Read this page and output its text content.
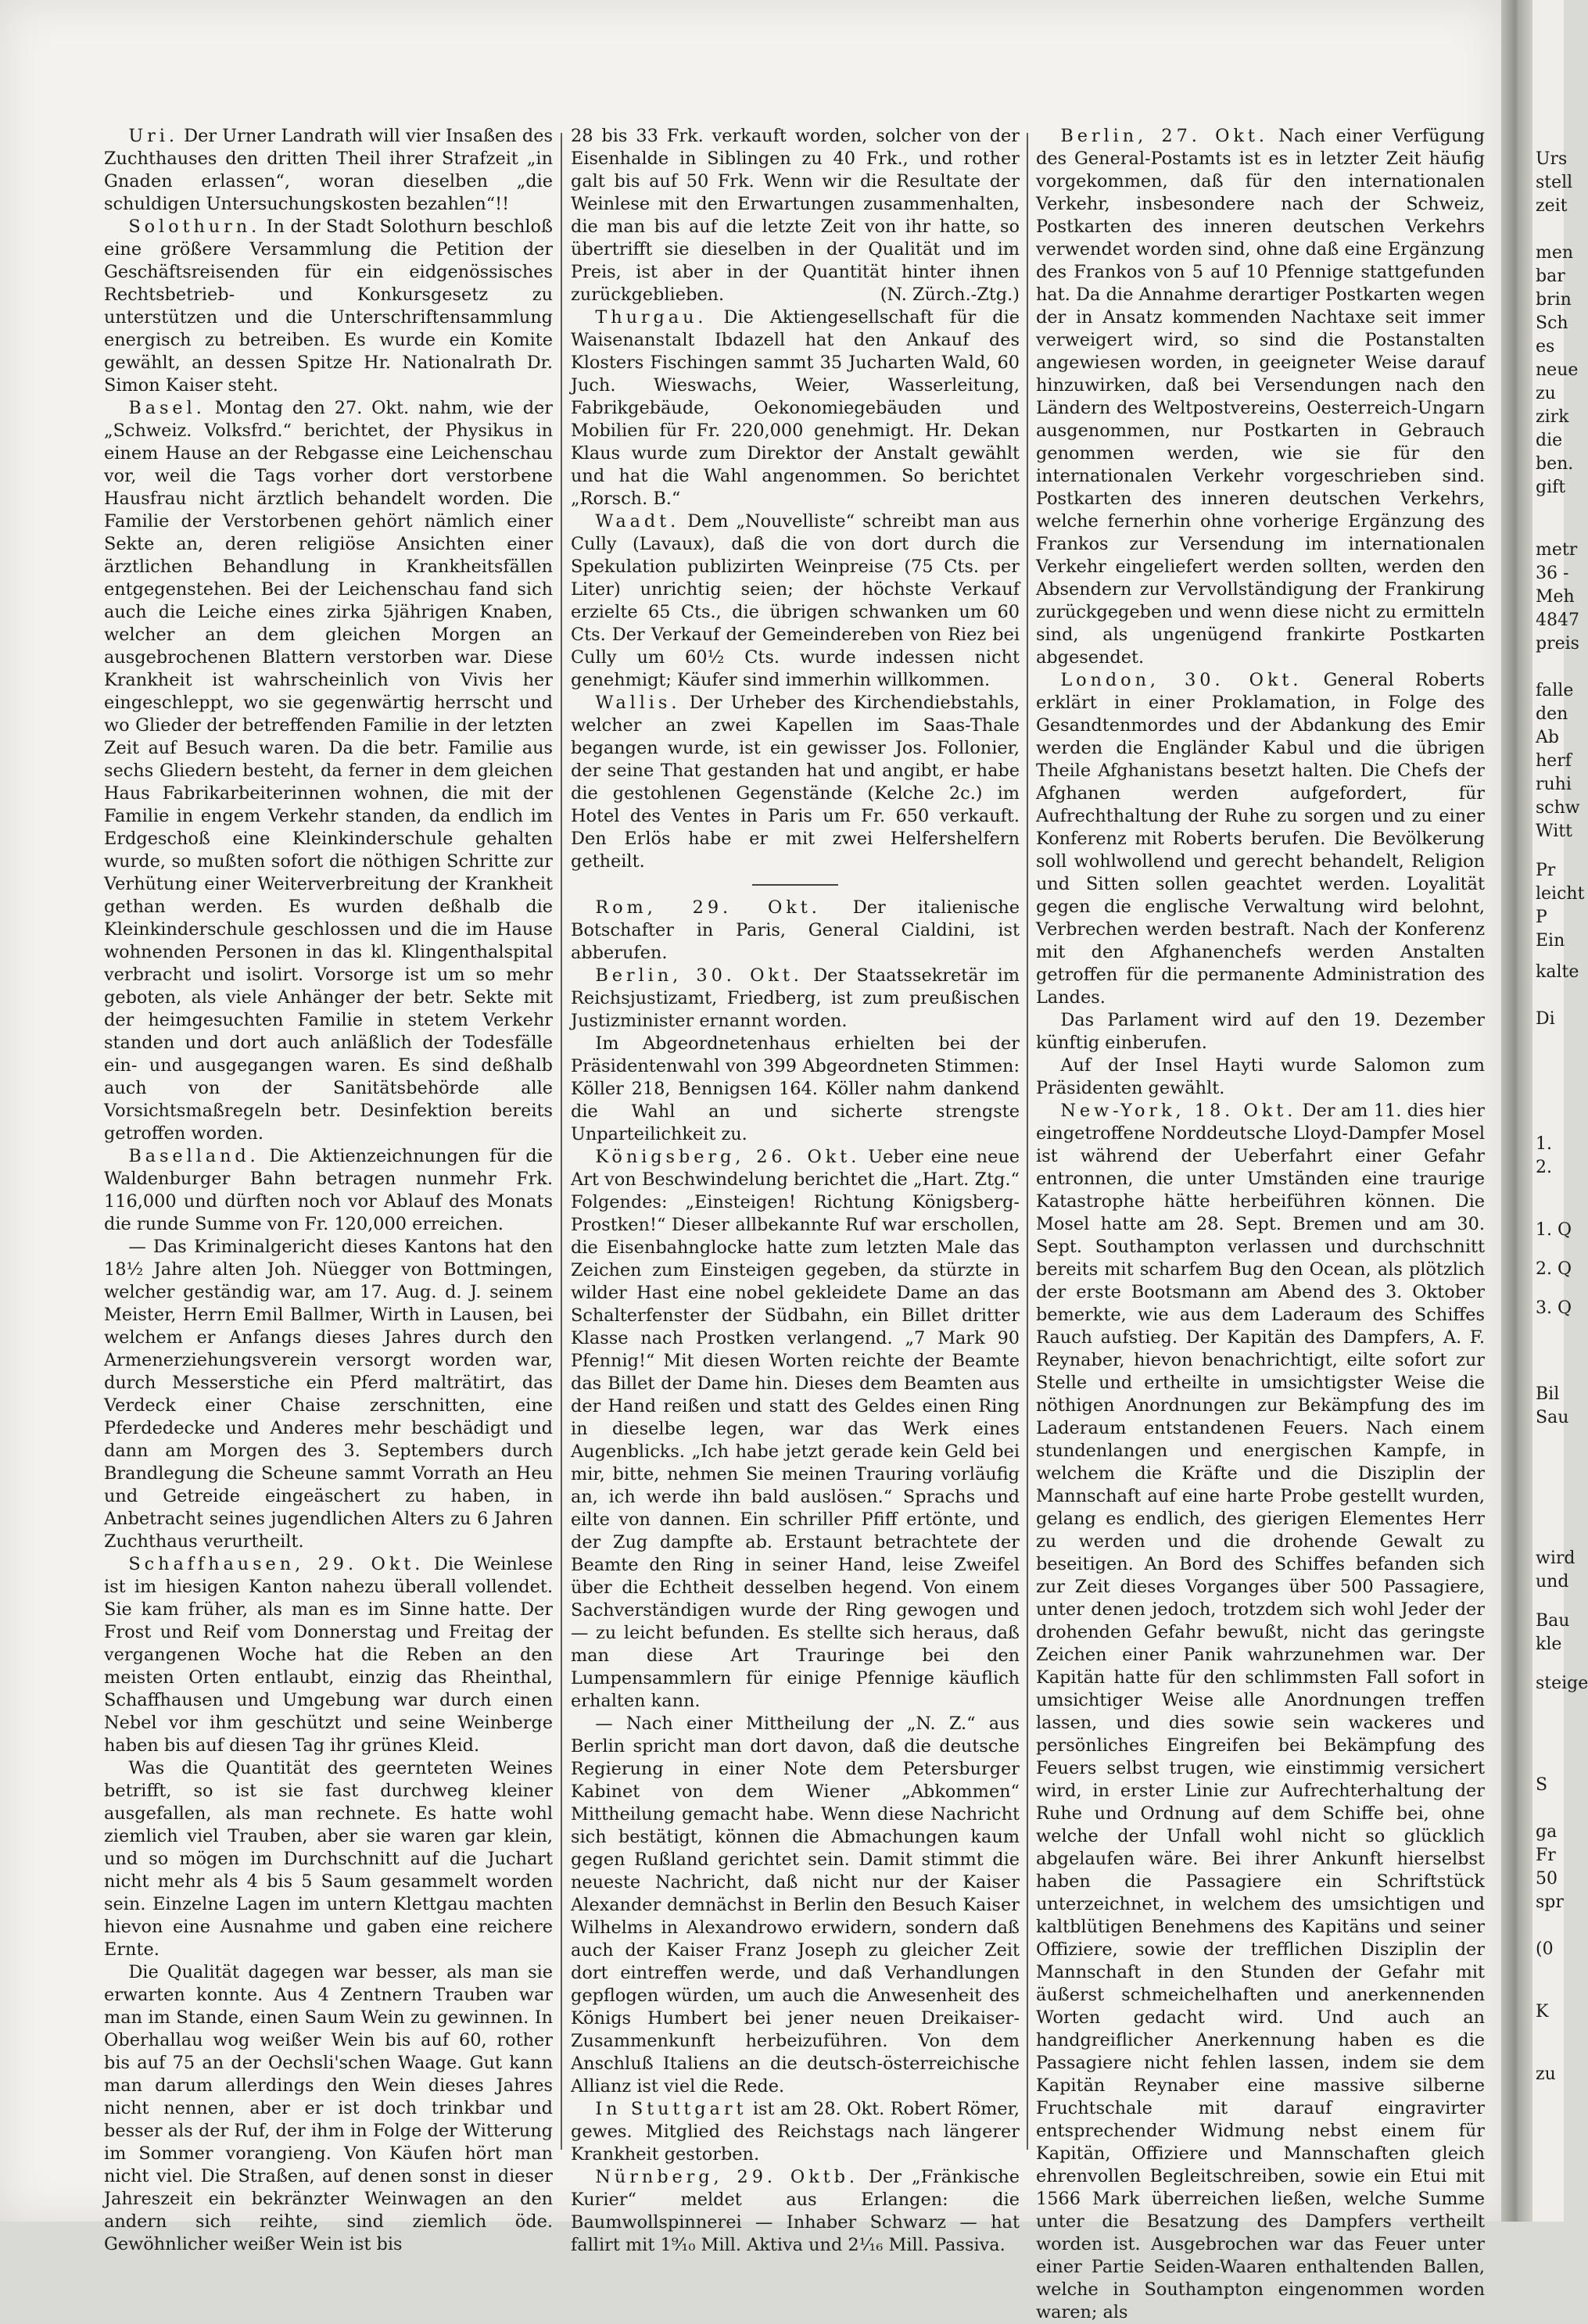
Uri. Der Urner Landrath will vier Insaßen des Zuchthauses den dritten Theil ihrer Strafzeit „in Gnaden erlassen“, woran dieselben „die schuldigen Untersuchungskosten bezahlen“!!

Solothurn. In der Stadt Solothurn beschloß eine größere Versammlung die Petition der Geschäftsreisenden für ein eidgenössisches Rechtsbetrieb- und Konkursgesetz zu unterstützen und die Unterschriftensammlung energisch zu betreiben. Es wurde ein Komite gewählt, an dessen Spitze Hr. Nationalrath Dr. Simon Kaiser steht.

Basel. Montag den 27. Okt. nahm, wie der „Schweiz. Volksfrd.“ berichtet, der Physikus in einem Hause an der Rebgasse eine Leichenschau vor, weil die Tags vorher dort verstorbene Hausfrau nicht ärztlich behandelt worden. Die Familie der Verstorbenen gehört nämlich einer Sekte an, deren religiöse Ansichten einer ärztlichen Behandlung in Krankheitsfällen entgegenstehen. Bei der Leichenschau fand sich auch die Leiche eines zirka 5jährigen Knaben, welcher an dem gleichen Morgen an ausgebrochenen Blattern verstorben war. Diese Krankheit ist wahrscheinlich von Vivis her eingeschleppt, wo sie gegenwärtig herrscht und wo Glieder der betreffenden Familie in der letzten Zeit auf Besuch waren. Da die betr. Familie aus sechs Gliedern besteht, da ferner in dem gleichen Haus Fabrikarbeiterinnen wohnen, die mit der Familie in engem Verkehr standen, da endlich im Erdgeschoß eine Kleinkinderschule gehalten wurde, so mußten sofort die nöthigen Schritte zur Verhütung einer Weiterverbreitung der Krankheit gethan werden. Es wurden deßhalb die Kleinkinderschule geschlossen und die im Hause wohnenden Personen in das kl. Klingenthalspital verbracht und isolirt. Vorsorge ist um so mehr geboten, als viele Anhänger der betr. Sekte mit der heimgesuchten Familie in stetem Verkehr standen und dort auch anläßlich der Todesfälle ein- und ausgegangen waren. Es sind deßhalb auch von der Sanitätsbehörde alle Vorsichtsmaßregeln betr. Desinfektion bereits getroffen worden.

Baselland. Die Aktienzeichnungen für die Waldenburger Bahn betragen nunmehr Frk. 116,000 und dürften noch vor Ablauf des Monats die runde Summe von Fr. 120,000 erreichen.

— Das Kriminalgericht dieses Kantons hat den 18½ Jahre alten Joh. Nüegger von Bottmingen, welcher geständig war, am 17. Aug. d. J. seinem Meister, Herrn Emil Ballmer, Wirth in Lausen, bei welchem er Anfangs dieses Jahres durch den Armenerziehungsverein versorgt worden war, durch Messerstiche ein Pferd malträtirt, das Verdeck einer Chaise zerschnitten, eine Pferdedecke und Anderes mehr beschädigt und dann am Morgen des 3. Septembers durch Brandlegung die Scheune sammt Vorrath an Heu und Getreide eingeäschert zu haben, in Anbetracht seines jugendlichen Alters zu 6 Jahren Zuchthaus verurtheilt.

Schaffhausen, 29. Okt. Die Weinlese ist im hiesigen Kanton nahezu überall vollendet. Sie kam früher, als man es im Sinne hatte. Der Frost und Reif vom Donnerstag und Freitag der vergangenen Woche hat die Reben an den meisten Orten entlaubt, einzig das Rheinthal, Schaffhausen und Umgebung war durch einen Nebel vor ihm geschützt und seine Weinberge haben bis auf diesen Tag ihr grünes Kleid.

Was die Quantität des geernteten Weines betrifft, so ist sie fast durchweg kleiner ausgefallen, als man rechnete. Es hatte wohl ziemlich viel Trauben, aber sie waren gar klein, und so mögen im Durchschnitt auf die Juchart nicht mehr als 4 bis 5 Saum gesammelt worden sein. Einzelne Lagen im untern Klettgau machten hievon eine Ausnahme und gaben eine reichere Ernte.

Die Qualität dagegen war besser, als man sie erwarten konnte. Aus 4 Zentnern Trauben war man im Stande, einen Saum Wein zu gewinnen. In Oberhallau wog weißer Wein bis auf 60, rother bis auf 75 an der Oechsli'schen Waage. Gut kann man darum allerdings den Wein dieses Jahres nicht nennen, aber er ist doch trinkbar und besser als der Ruf, der ihm in Folge der Witterung im Sommer vorangieng. Von Käufen hört man nicht viel. Die Straßen, auf denen sonst in dieser Jahreszeit ein bekränzter Weinwagen an den andern sich reihte, sind ziemlich öde. Gewöhnlicher weißer Wein ist bis

28 bis 33 Frk. verkauft worden, solcher von der Eisenhalde in Siblingen zu 40 Frk., und rother galt bis auf 50 Frk. Wenn wir die Resultate der Weinlese mit den Erwartungen zusammenhalten, die man bis auf die letzte Zeit von ihr hatte, so übertrifft sie dieselben in der Qualität und im Preis, ist aber in der Quantität hinter ihnen zurückgeblieben.	(N. Zürch.-Ztg.)

Thurgau. Die Aktiengesellschaft für die Waisenanstalt Ibdazell hat den Ankauf des Klosters Fischingen sammt 35 Jucharten Wald, 60 Juch. Wieswachs, Weier, Wasserleitung, Fabrikgebäude, Oekonomiegebäuden und Mobilien für Fr. 220,000 genehmigt. Hr. Dekan Klaus wurde zum Direktor der Anstalt gewählt und hat die Wahl angenommen. So berichtet „Rorsch. B.“

Waadt. Dem „Nouvelliste“ schreibt man aus Cully (Lavaux), daß die von dort durch die Spekulation publizirten Weinpreise (75 Cts. per Liter) unrichtig seien; der höchste Verkauf erzielte 65 Cts., die übrigen schwanken um 60 Cts. Der Verkauf der Gemeindereben von Riez bei Cully um 60½ Cts. wurde indessen nicht genehmigt; Käufer sind immerhin willkommen.

Wallis. Der Urheber des Kirchendiebstahls, welcher an zwei Kapellen im Saas-Thale begangen wurde, ist ein gewisser Jos. Follonier, der seine That gestanden hat und angibt, er habe die gestohlenen Gegenstände (Kelche 2c.) im Hotel des Ventes in Paris um Fr. 650 verkauft. Den Erlös habe er mit zwei Helfershelfern getheilt.

Rom, 29. Okt. Der italienische Botschafter in Paris, General Cialdini, ist abberufen.

Berlin, 30. Okt. Der Staatssekretär im Reichsjustizamt, Friedberg, ist zum preußischen Justizminister ernannt worden.

Im Abgeordnetenhaus erhielten bei der Präsidentenwahl von 399 Abgeordneten Stimmen: Köller 218, Bennigsen 164. Köller nahm dankend die Wahl an und sicherte strengste Unpartеilichkeit zu.

Königsberg, 26. Okt. Ueber eine neue Art von Beschwindelung berichtet die „Hart. Ztg.“ Folgendes: „Einsteigen! Richtung Königsberg-Prostken!“ Dieser allbekannte Ruf war erschollen, die Eisenbahnglocke hatte zum letzten Male das Zeichen zum Einsteigen gegeben, da stürzte in wilder Hast eine nobel gekleidete Dame an das Schalterfenster der Südbahn, ein Billet dritter Klasse nach Prostken verlangend. „7 Mark 90 Pfennig!“ Mit diesen Worten reichte der Beamte das Billet der Dame hin. Dieses dem Beamten aus der Hand reißen und statt des Geldes einen Ring in dieselbe legen, war das Werk eines Augenblicks. „Ich habe jetzt gerade kein Geld bei mir, bitte, nehmen Sie meinen Trauring vorläufig an, ich werde ihn bald auslösen.“ Sprachs und eilte von dannen. Ein schriller Pfiff ertönte, und der Zug dampfte ab. Erstaunt betrachtete der Beamte den Ring in seiner Hand, leise Zweifel über die Echtheit desselben hegend. Von einem Sachverständigen wurde der Ring gewogen und — zu leicht befunden. Es stellte sich heraus, daß man diese Art Trauringe bei den Lumpensammlern für einige Pfennige käuflich erhalten kann.

— Nach einer Mittheilung der „N. Z.“ aus Berlin spricht man dort davon, daß die deutsche Regierung in einer Note dem Petersburger Kabinet von dem Wiener „Abkommen“ Mittheilung gemacht habe. Wenn diese Nachricht sich bestätigt, können die Abmachungen kaum gegen Rußland gerichtet sein. Damit stimmt die neueste Nachricht, daß nicht nur der Kaiser Alexander demnächst in Berlin den Besuch Kaiser Wilhelms in Alexandrowo erwidern, sondern daß auch der Kaiser Franz Joseph zu gleicher Zeit dort eintreffen werde, und daß Verhandlungen gepflogen würden, um auch die Anwesenheit des Königs Humbert bei jener neuen Dreikaiser-Zusammenkunft herbeizuführen. Von dem Anschluß Italiens an die deutsch-österreichische Allianz ist viel die Rede.

In Stuttgart ist am 28. Okt. Robert Römer, gewes. Mitglied des Reichstags nach längerer Krankheit gestorben.

Nürnberg, 29. Oktb. Der „Fränkische Kurier“ meldet aus Erlangen: die Baumwollspinnerei — Inhaber Schwarz — hat fallirt mit 1⁹⁄₁₀ Mill. Aktiva und 2¹⁄₁₆ Mill. Passiva.

Berlin, 27. Okt. Nach einer Verfügung des General-Postamts ist es in letzter Zeit häufig vorgekommen, daß für den internationalen Verkehr, insbesondere nach der Schweiz, Postkarten des inneren deutschen Verkehrs verwendet worden sind, ohne daß eine Ergänzung des Frankos von 5 auf 10 Pfennige stattgefunden hat. Da die Annahme derartiger Postkarten wegen der in Ansatz kommenden Nachtaxe seit immer verweigert wird, so sind die Postanstalten angewiesen worden, in geeigneter Weise darauf hinzuwirken, daß bei Versendungen nach den Ländern des Weltpostvereins, Oesterreich-Ungarn ausgenommen, nur Postkarten in Gebrauch genommen werden, wie sie für den internationalen Verkehr vorgeschrieben sind. Postkarten des inneren deutschen Verkehrs, welche fernerhin ohne vorherige Ergänzung des Frankos zur Versendung im internationalen Verkehr eingeliefert werden sollten, werden den Absendern zur Vervollständigung der Frankirung zurückgegeben und wenn diese nicht zu ermitteln sind, als ungenügend frankirte Postkarten abgesendet.

London, 30. Okt. General Roberts erklärt in einer Proklamation, in Folge des Gesandtenmordes und der Abdankung des Emir werden die Engländer Kabul und die übrigen Theile Afghanistans besetzt halten. Die Chefs der Afghanen werden aufgefordert, für Aufrechthaltung der Ruhe zu sorgen und zu einer Konferenz mit Roberts berufen. Die Bevölkerung soll wohlwollend und gerecht behandelt, Religion und Sitten sollen geachtet werden. Loyalität gegen die englische Verwaltung wird belohnt, Verbrechen werden bestraft. Nach der Konferenz mit den Afghanenchefs werden Anstalten getroffen für die permanente Administration des Landes.

Das Parlament wird auf den 19. Dezember künftig einberufen.

Auf der Insel Hayti wurde Salomon zum Präsidenten gewählt.

New-York, 18. Okt. Der am 11. dies hier eingetroffene Norddeutsche Lloyd-Dampfer Mosel ist während der Ueberfahrt einer Gefahr entronnen, die unter Umständen eine traurige Katastrophe hätte herbeiführen können. Die Mosel hatte am 28. Sept. Bremen und am 30. Sept. Southampton verlassen und durchschnitt bereits mit scharfem Bug den Ocean, als plötzlich der erste Bootsmann am Abend des 3. Oktober bemerkte, wie aus dem Laderaum des Schiffes Rauch aufstieg. Der Kapitän des Dampfers, A. F. Reynaber, hievon benachrichtigt, eilte sofort zur Stelle und ertheilte in umsichtigster Weise die nöthigen Anordnungen zur Bekämpfung des im Laderaum entstandenen Feuers. Nach einem stundenlangen und energischen Kampfe, in welchem die Kräfte und die Disziplin der Mannschaft auf eine harte Probe gestellt wurden, gelang es endlich, des gierigen Elementes Herr zu werden und die drohende Gewalt zu beseitigen. An Bord des Schiffes befanden sich zur Zeit dieses Vorganges über 500 Passagiere, unter denen jedoch, trotzdem sich wohl Jeder der drohenden Gefahr bewußt, nicht das geringste Zeichen einer Panik wahrzunehmen war. Der Kapitän hatte für den schlimmsten Fall sofort in umsichtiger Weise alle Anordnungen treffen lassen, und dies sowie sein wackeres und persönliches Eingreifen bei Bekämpfung des Feuers selbst trugen, wie einstimmig versichert wird, in erster Linie zur Aufrechterhaltung der Ruhe und Ordnung auf dem Schiffe bei, ohne welche der Unfall wohl nicht so glücklich abgelaufen wäre. Bei ihrer Ankunft hierselbst haben die Passagiere ein Schriftstück unterzeichnet, in welchem des umsichtigen und kaltblütigen Benehmens des Kapitäns und seiner Offiziere, sowie der trefflichen Disziplin der Mannschaft in den Stunden der Gefahr mit äußerst schmeichelhaften und anerkennenden Worten gedacht wird. Und auch an handgreiflicher Anerkennung haben es die Passagiere nicht fehlen lassen, indem sie dem Kapitän Reynaber eine massive silberne Fruchtschale mit darauf eingravirter entsprechender Widmung nebst einem für Kapitän, Offiziere und Mannschaften gleich ehrenvollen Begleitschreiben, sowie ein Etui mit 1566 Mark überreichen ließen, welche Summe unter die Besatzung des Dampfers vertheilt worden ist. Ausgebrochen war das Feuer unter einer Partie Seiden-Waaren enthaltenden Ballen, welche in Southampton eingenommen worden waren; als

Urs
stell
zeit
men
bar
brin
Sch
es
neue
zu
zirk
die
ben.
gift
metr
36 -
Meh
4847
preis
falle
den
Ab
herf
ruhi
schw
Witt
Pr
leicht
P
Ein
kalte
Di
1.
2.
1. Q
2. Q
3. Q
Bil
Sau
wird
und
Bau
kle
steige
S
ga
Fr
50
spr
(0
K
zu
